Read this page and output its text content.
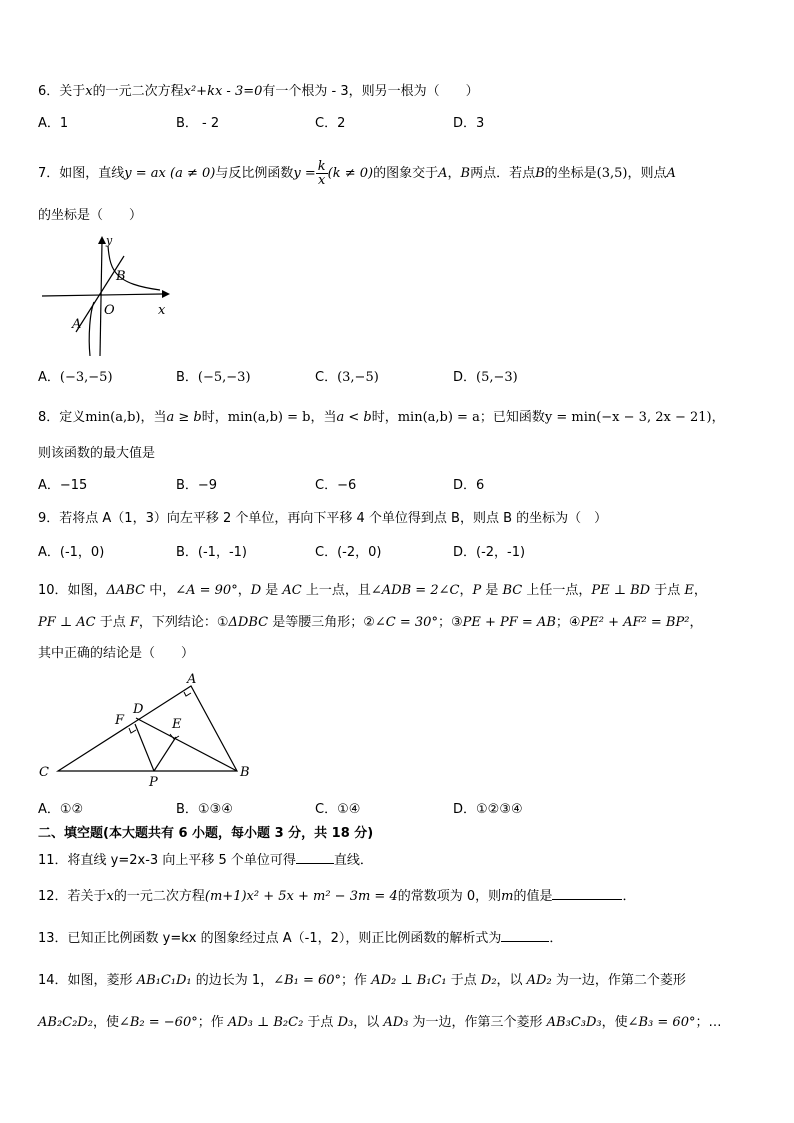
6．关于x的一元二次方程x²+kx - 3=0有一个根为 - 3，则另一根为（　　）
A．1	B． - 2	C．2	D．3
7．如图，直线y = ax (a ≠ 0)与反比例函数$y = \frac{k}{x} (k \ne 0)$的图象交于A，B两点．若点B的坐标是(3,5)，则点A
的坐标是（　　）
y
x
O
A
B
A．(−3,−5)	B．(−5,−3)	C．(3,−5)	D．(5,−3)
8．定义min(a,b)，当a ≥ b时，min(a,b) = b，当a < b时，min(a,b) = a；已知函数y = min(−x − 3, 2x − 21)，
则该函数的最大值是
A．−15	B．−9	C．−6	D．6
9．若将点 A（1，3）向左平移 2 个单位，再向下平移 4 个单位得到点 B，则点 B 的坐标为（　）
A．(-1，0)	B．(-1，-1)	C．(-2，0)	D．(-2，-1)
10．如图，ΔABC 中，∠A = 90°，D 是 AC 上一点，且∠ADB = 2∠C，P 是 BC 上任一点，PE ⊥ BD 于点 E，
PF ⊥ AC 于点 F，下列结论：①ΔDBC 是等腰三角形；②∠C = 30°；③PE + PF = AB；④PE² + AF² = BP²，
其中正确的结论是（　　）
A
B
C
D
E
F
P
A．①②	B．①③④	C．①④	D．①②③④
二、填空题(本大题共有 6 小题，每小题 3 分，共 18 分)
11．将直线 y=2x-3 向上平移 5 个单位可得	直线．
12．若关于x的一元二次方程(m+1)x² + 5x + m² − 3m = 4的常数项为 0，则m的值是	．
13．已知正比例函数 y=kx 的图象经过点 A（-1，2），则正比例函数的解析式为	．
14．如图，菱形 AB₁C₁D₁ 的边长为 1，∠B₁ = 60°；作 AD₂ ⊥ B₁C₁ 于点 D₂，以 AD₂ 为一边，作第二个菱形
AB₂C₂D₂，使∠B₂ = −60°；作 AD₃ ⊥ B₂C₂ 于点 D₃，以 AD₃ 为一边，作第三个菱形 AB₃C₃D₃，使∠B₃ = 60°；…
